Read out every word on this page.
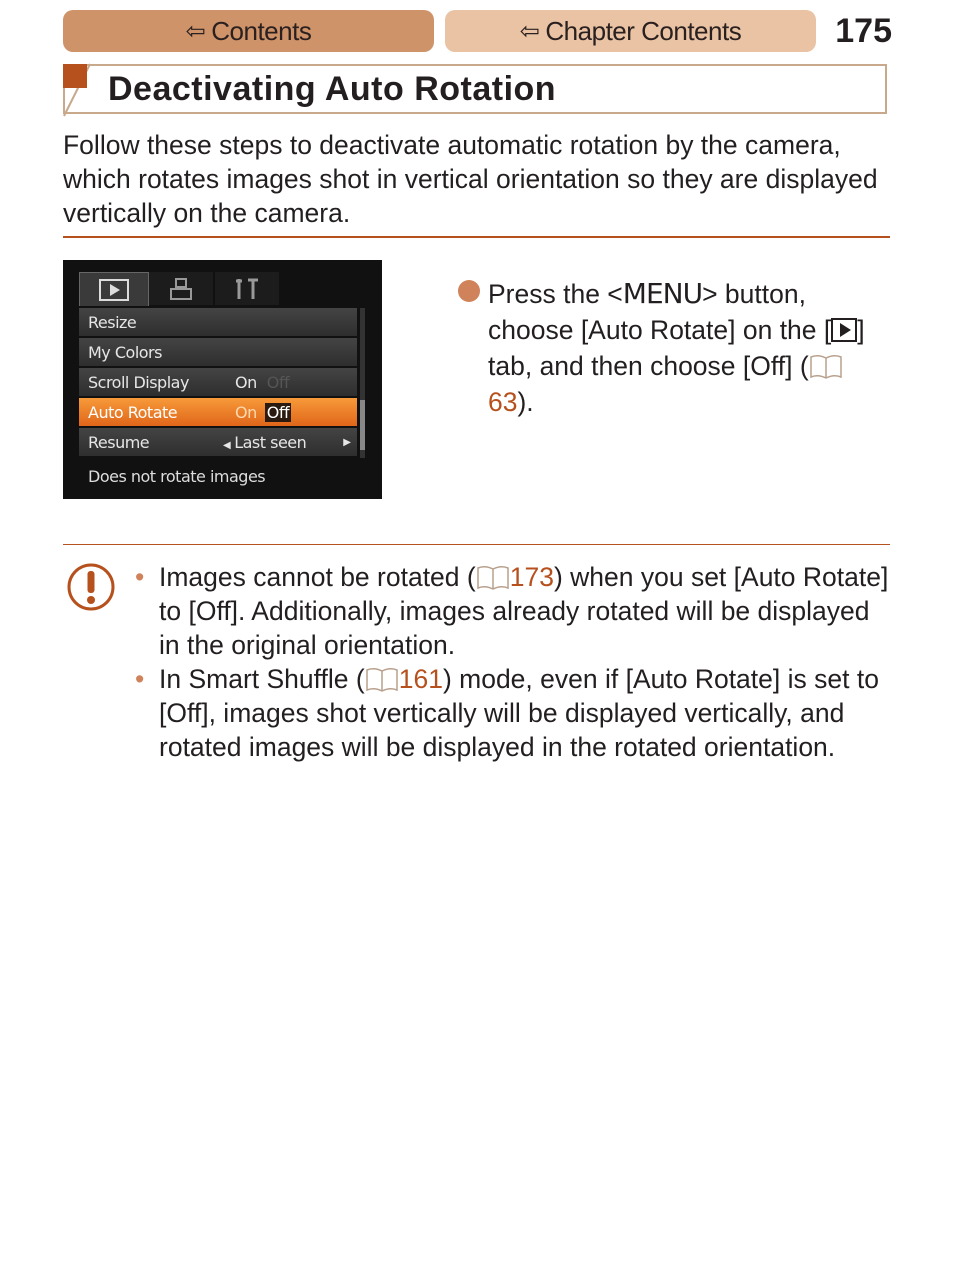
⇦ Contents	⇦ Chapter Contents	175
Deactivating Auto Rotation
Follow these steps to deactivate automatic rotation by the camera, which rotates images shot in vertical orientation so they are displayed vertically on the camera.
Resize
My Colors
Scroll Display	On Off
Auto Rotate	On Off
Resume	◀ Last seen	▶
Does not rotate images
Press the <MENU> button, choose [Auto Rotate] on the [ ] tab, and then choose [Off] (63).
• Images cannot be rotated ( 173) when you set [Auto Rotate] to [Off]. Additionally, images already rotated will be displayed in the original orientation.
• In Smart Shuffle ( 161) mode, even if [Auto Rotate] is set to [Off], images shot vertically will be displayed vertically, and rotated images will be displayed in the rotated orientation.
